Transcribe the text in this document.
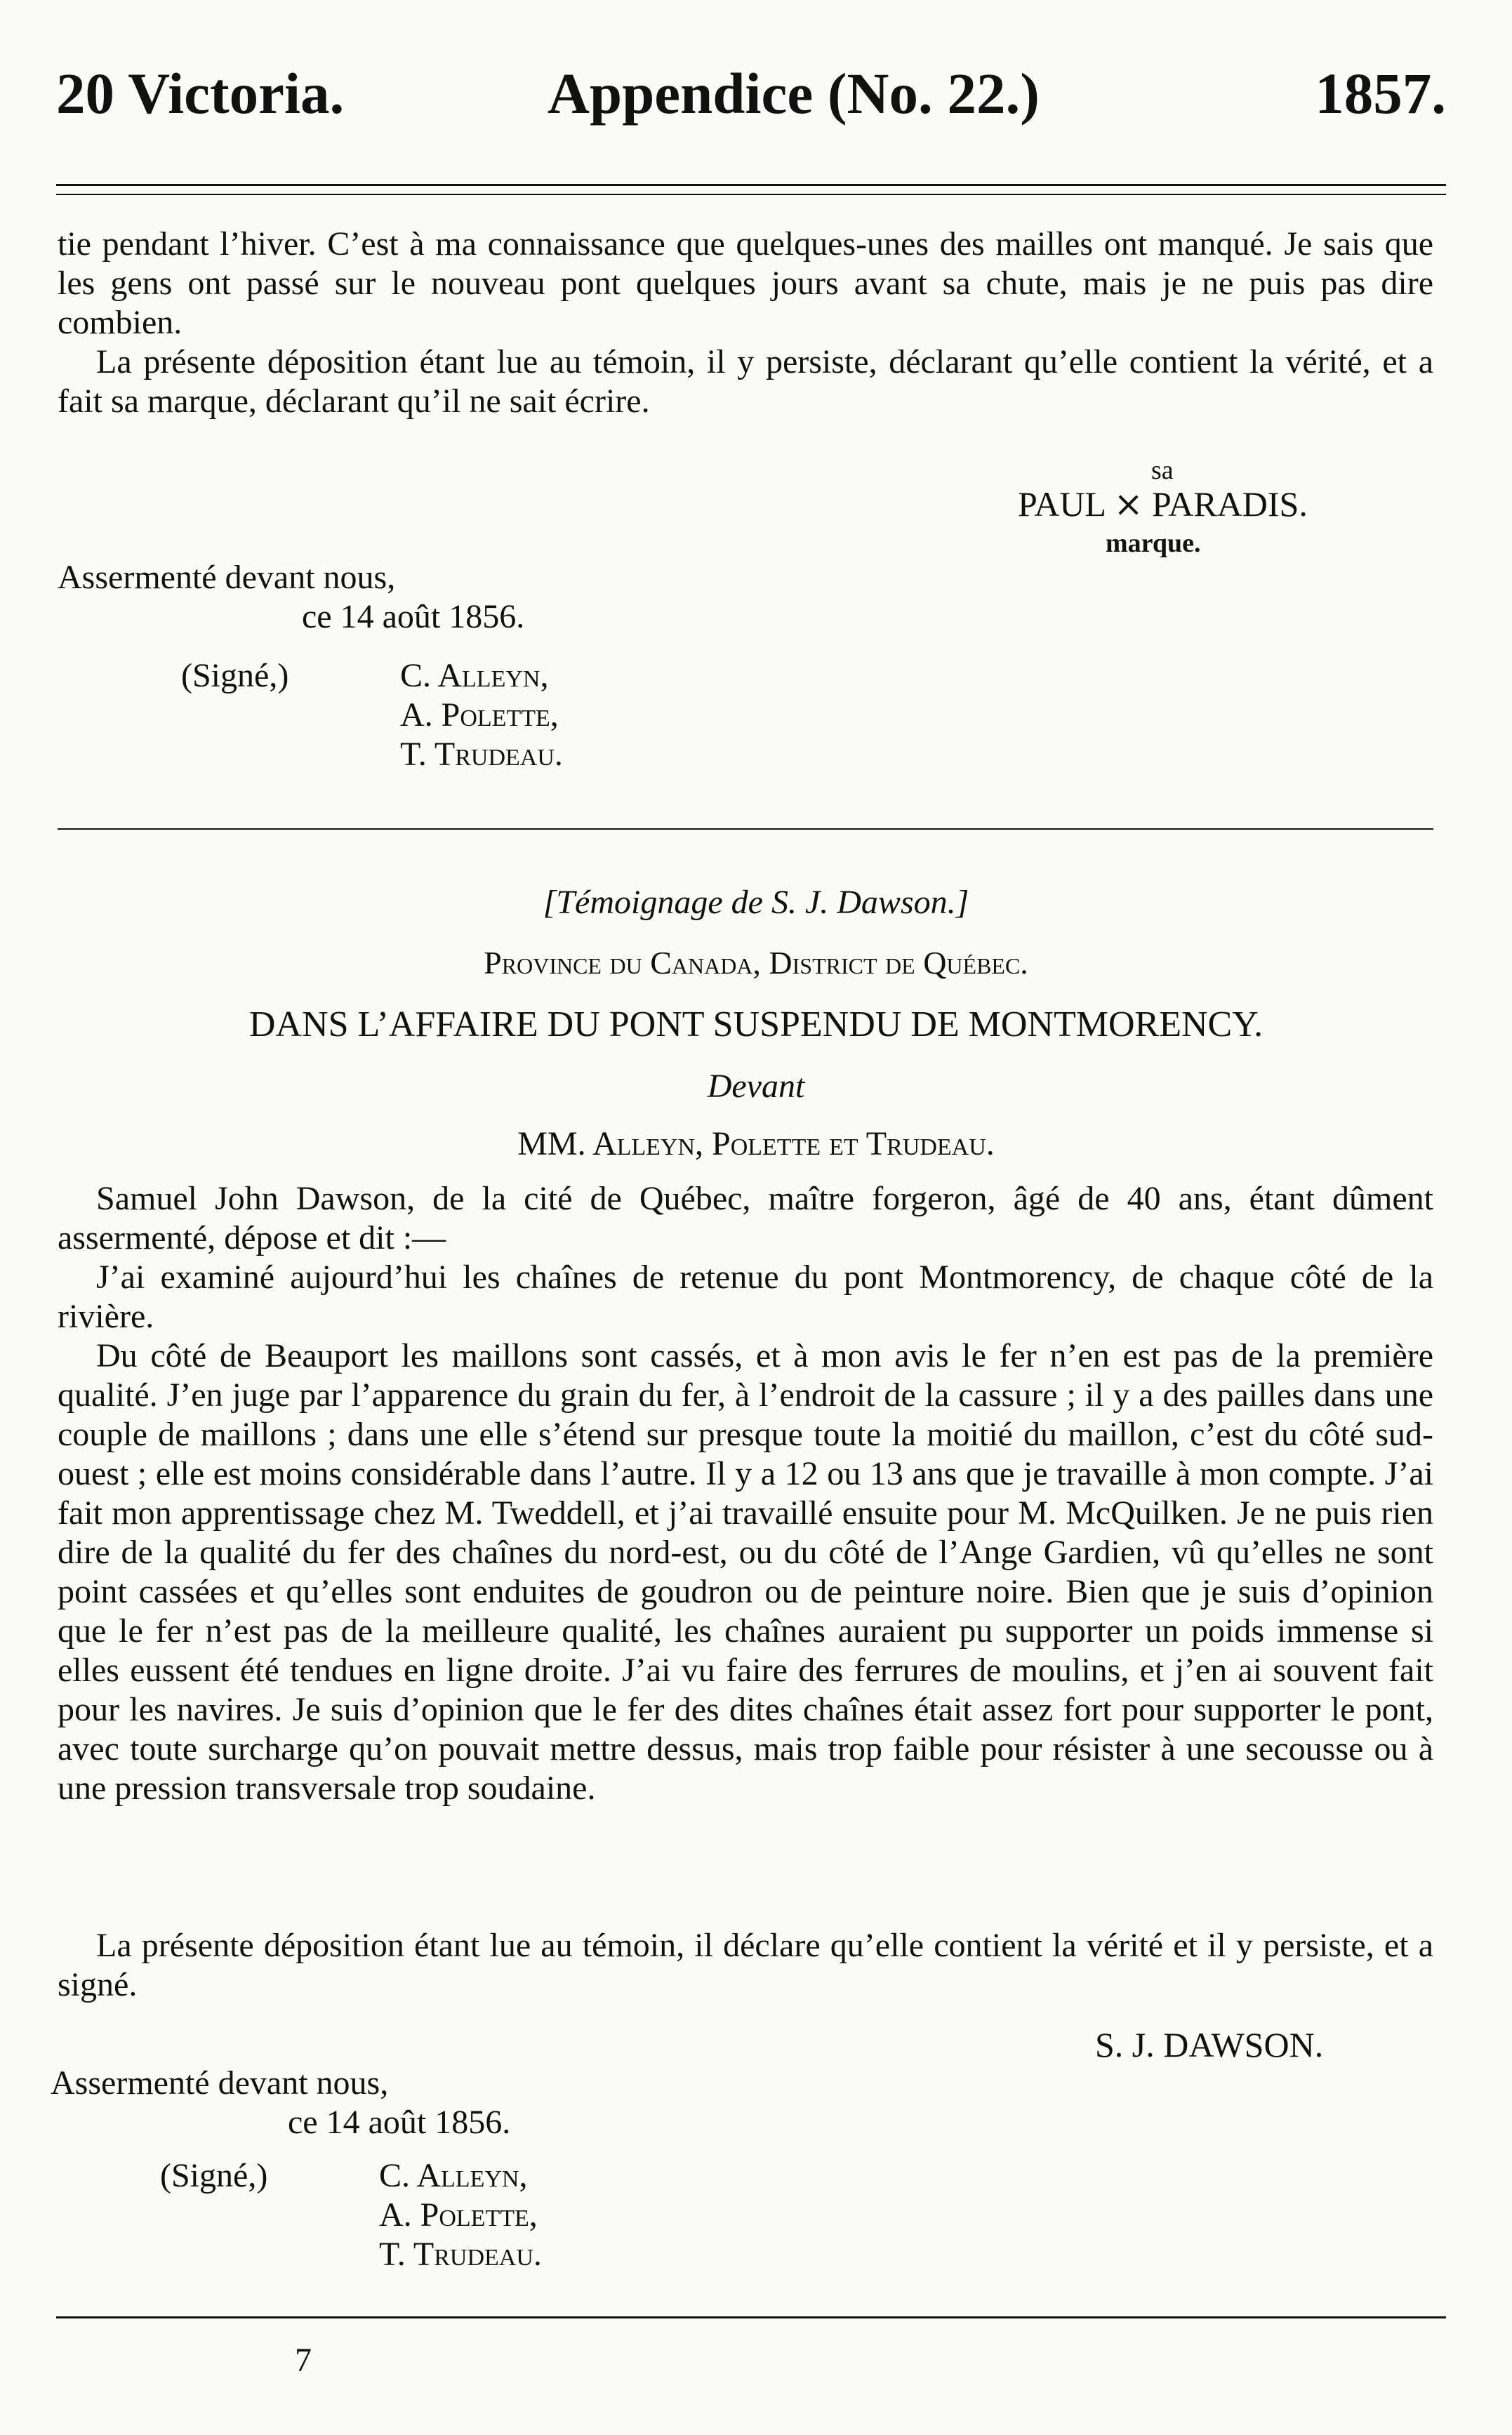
20 Victoria.	Appendice (No. 22.)	1857.
tie pendant l’hiver. C’est à ma connaissance que quelques-unes des mailles ont manqué. Je sais que les gens ont passé sur le nouveau pont quelques jours avant sa chute, mais je ne puis pas dire combien.
La présente déposition étant lue au témoin, il y persiste, déclarant qu’elle contient la vérité, et a fait sa marque, déclarant qu’il ne sait écrire.
sa
PAUL ⨯ PARADIS.
marque.
Assermenté devant nous,
ce 14 août 1856.
(Signé,)	C. Alleyn,
A. Polette,
T. Trudeau.
[Témoignage de S. J. Dawson.]
Province du Canada, District de Québec.
DANS L’AFFAIRE DU PONT SUSPENDU DE MONTMORENCY.
Devant
MM. Alleyn, Polette et Trudeau.
Samuel John Dawson, de la cité de Québec, maître forgeron, âgé de 40 ans, étant dûment assermenté, dépose et dit :—
J’ai examiné aujourd’hui les chaînes de retenue du pont Montmorency, de chaque côté de la rivière.
Du côté de Beauport les maillons sont cassés, et à mon avis le fer n’en est pas de la première qualité. J’en juge par l’apparence du grain du fer, à l’endroit de la cassure ; il y a des pailles dans une couple de maillons ; dans une elle s’étend sur presque toute la moitié du maillon, c’est du côté sud-ouest ; elle est moins considérable dans l’autre. Il y a 12 ou 13 ans que je travaille à mon compte. J’ai fait mon apprentissage chez M. Tweddell, et j’ai travaillé ensuite pour M. McQuilken. Je ne puis rien dire de la qualité du fer des chaînes du nord-est, ou du côté de l’Ange Gardien, vû qu’elles ne sont point cassées et qu’elles sont enduites de goudron ou de peinture noire. Bien que je suis d’opinion que le fer n’est pas de la meilleure qualité, les chaînes auraient pu supporter un poids immense si elles eussent été tendues en ligne droite. J’ai vu faire des ferrures de moulins, et j’en ai souvent fait pour les navires. Je suis d’opinion que le fer des dites chaînes était assez fort pour supporter le pont, avec toute surcharge qu’on pouvait mettre dessus, mais trop faible pour résister à une secousse ou à une pression transversale trop soudaine.
La présente déposition étant lue au témoin, il déclare qu’elle contient la vérité et il y persiste, et a signé.
S. J. DAWSON.
Assermenté devant nous,
ce 14 août 1856.
(Signé,)	C. Alleyn,
A. Polette,
T. Trudeau.
7
